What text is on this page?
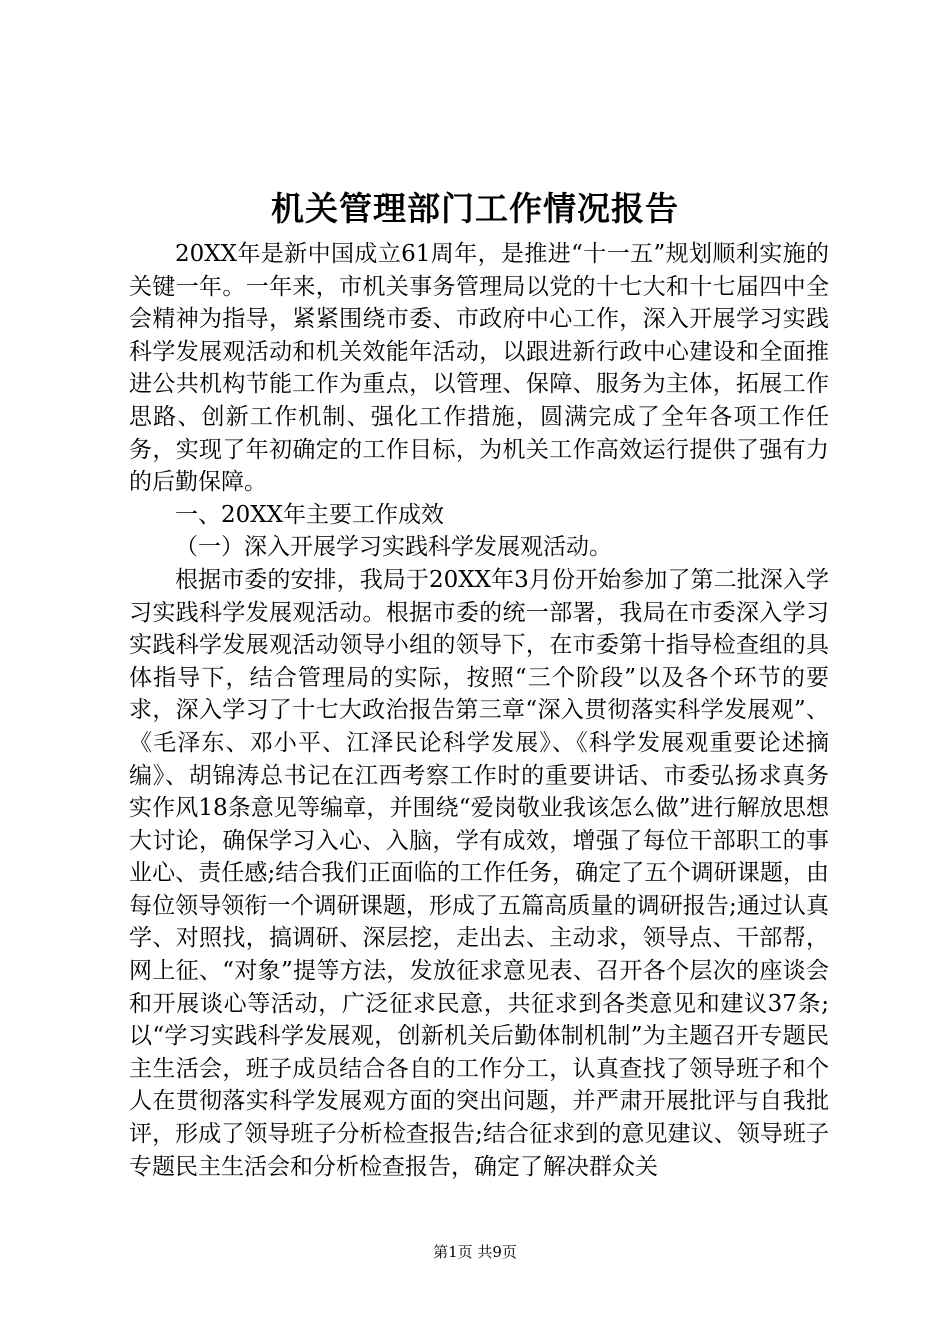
机关管理部门工作情况报告

20XX年是新中国成立61周年，是推进“十一五”规划顺利实施的关键一年。一年来，市机关事务管理局以党的十七大和十七届四中全会精神为指导，紧紧围绕市委、市政府中心工作，深入开展学习实践科学发展观活动和机关效能年活动，以跟进新行政中心建设和全面推进公共机构节能工作为重点，以管理、保障、服务为主体，拓展工作思路、创新工作机制、强化工作措施，圆满完成了全年各项工作任务，实现了年初确定的工作目标，为机关工作高效运行提供了强有力的后勤保障。

一、20XX年主要工作成效

（一）深入开展学习实践科学发展观活动。

根据市委的安排，我局于20XX年3月份开始参加了第二批深入学习实践科学发展观活动。根据市委的统一部署，我局在市委深入学习实践科学发展观活动领导小组的领导下，在市委第十指导检查组的具体指导下，结合管理局的实际，按照“三个阶段”以及各个环节的要求，深入学习了十七大政治报告第三章“深入贯彻落实科学发展观”、《毛泽东、邓小平、江泽民论科学发展》、《科学发展观重要论述摘编》、胡锦涛总书记在江西考察工作时的重要讲话、市委弘扬求真务实作风18条意见等编章，并围绕“爱岗敬业我该怎么做”进行解放思想大讨论，确保学习入心、入脑，学有成效，增强了每位干部职工的事业心、责任感;结合我们正面临的工作任务，确定了五个调研课题，由每位领导领衔一个调研课题，形成了五篇高质量的调研报告;通过认真学、对照找，搞调研、深层挖，走出去、主动求，领导点、干部帮，网上征、“对象”提等方法，发放征求意见表、召开各个层次的座谈会和开展谈心等活动，广泛征求民意，共征求到各类意见和建议37条;以“学习实践科学发展观，创新机关后勤体制机制”为主题召开专题民主生活会，班子成员结合各自的工作分工，认真查找了领导班子和个人在贯彻落实科学发展观方面的突出问题，并严肃开展批评与自我批评，形成了领导班子分析检查报告;结合征求到的意见建议、领导班子专题民主生活会和分析检查报告，确定了解决群众关

第1页 共9页
